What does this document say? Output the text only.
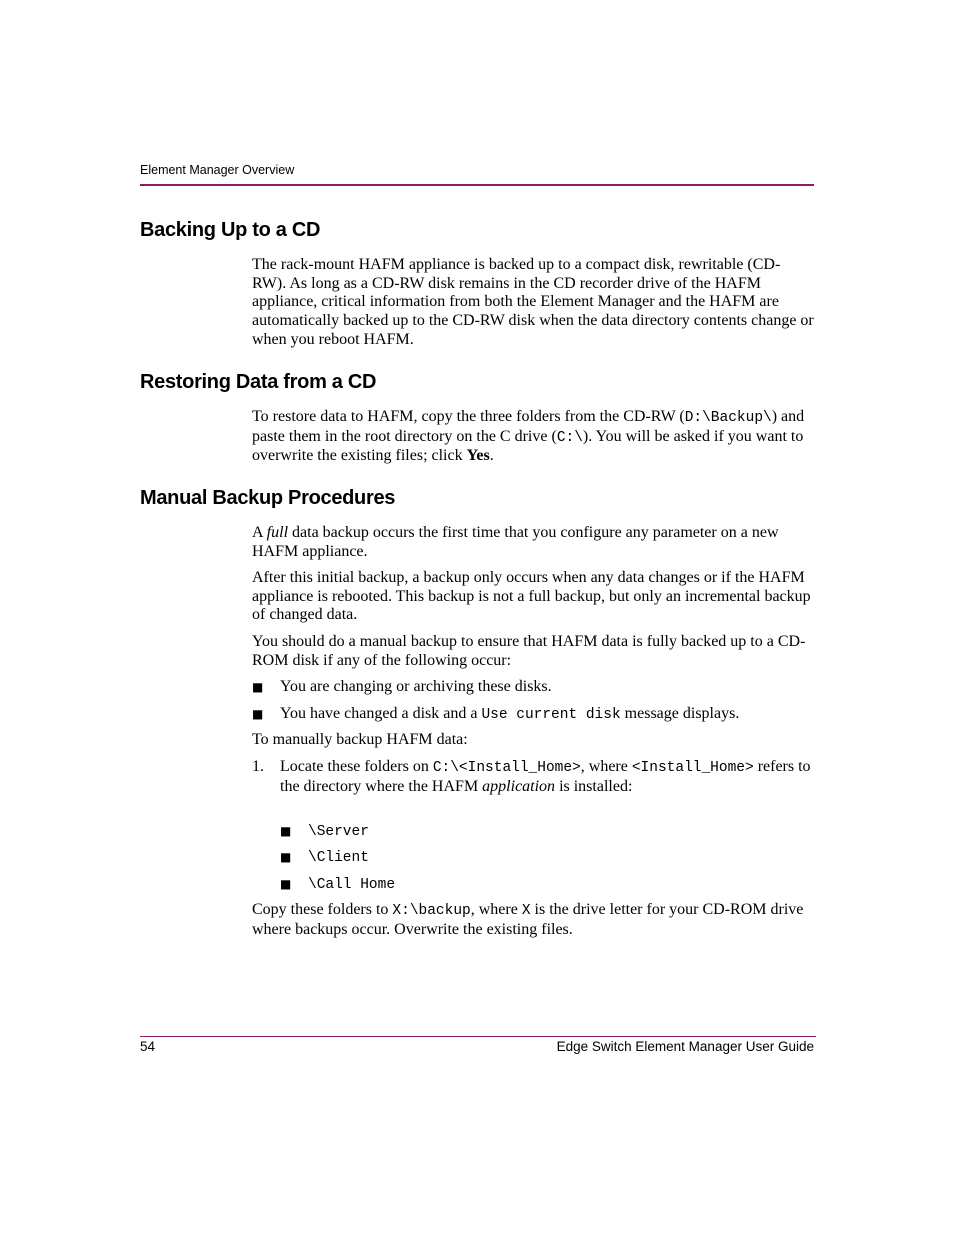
Element Manager Overview
Backing Up to a CD

The rack-mount HAFM appliance is backed up to a compact disk, rewritable (CD-RW). As long as a CD-RW disk remains in the CD recorder drive of the HAFM appliance, critical information from both the Element Manager and the HAFM are automatically backed up to the CD-RW disk when the data directory contents change or when you reboot HAFM.

Restoring Data from a CD

To restore data to HAFM, copy the three folders from the CD-RW (D:\Backup\) and paste them in the root directory on the C drive (C:\). You will be asked if you want to overwrite the existing files; click Yes.

Manual Backup Procedures

A full data backup occurs the first time that you configure any parameter on a new HAFM appliance.

After this initial backup, a backup only occurs when any data changes or if the HAFM appliance is rebooted. This backup is not a full backup, but only an incremental backup of changed data.

You should do a manual backup to ensure that HAFM data is fully backed up to a CD-ROM disk if any of the following occur:

■ You are changing or archiving these disks.
■ You have changed a disk and a Use current disk message displays.

To manually backup HAFM data:

1. Locate these folders on C:\<Install_Home>, where <Install_Home> refers to the directory where the HAFM application is installed:
■ \Server
■ \Client
■ \Call Home

Copy these folders to X:\backup, where X is the drive letter for your CD-ROM drive where backups occur. Overwrite the existing files.

54	Edge Switch Element Manager User Guide
